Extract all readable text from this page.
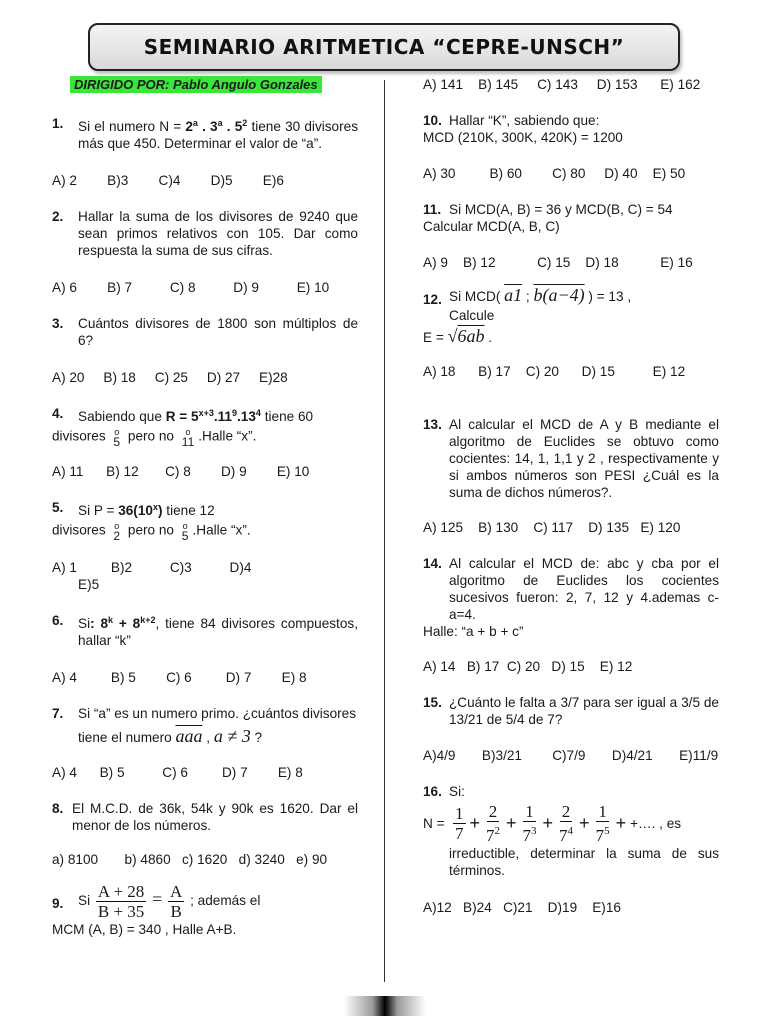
SEMINARIO ARITMETICA “CEPRE-UNSCH”
DIRIGIDO POR: Pablo Angulo Gonzales
1. Si el numero $N = 2^a$ . 3$^a$ . $5^2$ tiene 30 divisores más que 450. Determinar el valor de “a”.
A) 2        B)3        C)4        D)5        E)6
2. Hallar la suma de los divisores de 9240 que sean primos relativos con 105. Dar como respuesta la suma de sus cifras.
A) 6        B) 7          C) 8          D) 9          E) 10
3. Cuántos divisores de 1800 son múltiplos de 6?
A) 20     B) 18     C) 25     D) 27     E)28
4. Sabiendo que $R = 5^{x+3}.11^9.13^4$ tiene 60
divisores o
5 pero no o
11 .Halle “x”.
A) 11      B) 12       C) 8        D) 9        E) 10
5. Si $P = 36(10^x)$ tiene 12
divisores o
2 pero no o
5 .Halle “x”.
A) 1         B)2          C)3          D)4
E)5
6. Si: $8^k + 8^{k+2}$, tiene 84 divisores compuestos, hallar “k”
A) 4         B) 5        C) 6         D) 7        E) 8
7. Si “a” es un numero primo. ¿cuántos divisores
tiene el numero $\overline{aaa}$ , a ≠ 3 ?
A) 4      B) 5          C) 6         D) 7        E) 8
8. El M.C.D. de 36k, 54k y 90k es 1620. Dar el menor de los números.
a) 8100       b) 4860   c) 1620   d) 3240   e) 90
9. Si $\frac{A + 28}{B + 35} = \frac{A}{B}$ ; además el
MCM (A, B) = 340 , Halle A+B.
A) 141    B) 145     C) 143     D) 153      E) 162
10. Hallar “K”, sabiendo que:
MCD (210K, 300K, 420K) = 1200
A) 30         B) 60        C) 80     D) 40    E) 50
11. Si MCD(A, B) = 36 y MCD(B, C) = 54
Calcular MCD(A, B, C)
A) 9    B) 12           C) 15    D) 18           E) 16
12. Si MCD( a1 ; b(a−4) ) = 13 ,
Calcule
E = √6ab .
A) 18      B) 17    C) 20      D) 15          E) 12
13. Al calcular el MCD de A y B mediante el algoritmo de Euclides se obtuvo como cocientes: 14, 1, 1,1 y 2 , respectivamente y si ambos números son PESI ¿Cuál es la suma de dichos números?.
A) 125    B) 130    C) 117    D) 135   E) 120
14. Al calcular el MCD de: abc y cba por el algoritmo de Euclides los cocientes sucesivos fueron: 2, 7, 12 y 4.ademas c-a=4.
Halle: “a + b + c”
A) 14   B) 17  C) 20   D) 15    E) 12
15. ¿Cuánto le falta a 3/7 para ser igual a 3/5 de 13/21 de 5/4 de 7?
A)4/9       B)3/21        C)7/9       D)4/21       E)11/9
16. Si:
$N = \frac{1}{7} + \frac{2}{7^2} + \frac{1}{7^3} + \frac{2}{7^4} + \frac{1}{7^5}$ + +…. , es
irreductible, determinar la suma de sus términos.
A)12   B)24   C)21    D)19    E)16
